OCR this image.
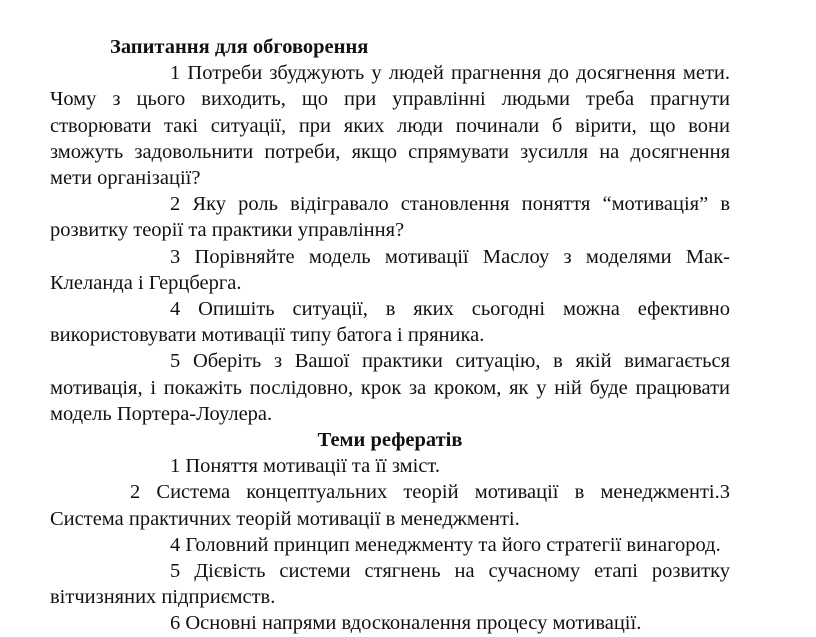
Запитання для обговорення

1 Потреби збуджують у людей прагнення до досягнення мети. Чому з цього виходить, що при управлінні людьми треба прагнути створювати такі ситуації, при яких люди починали б вірити, що вони зможуть задовольнити потреби, якщо спрямувати зусилля на досягнення мети організації?

2 Яку роль відігравало становлення поняття “мотивація” в розвитку теорії та практики управління?

3 Порівняйте модель мотивації Маслоу з моделями Мак-Клеланда і Герцберга.

4 Опишіть ситуації, в яких сьогодні можна ефективно використовувати мотивації типу батога і пряника.

5 Оберіть з Вашої практики ситуацію, в якій вимагається мотивація, і покажіть послідовно, крок за кроком, як у ній буде працювати модель Портера-Лоулера.

Теми рефератів

1 Поняття мотивації та її зміст.

2 Система концептуальних теорій мотивації в менеджменті.3 Система практичних теорій мотивації в менеджменті.

4 Головний принцип менеджменту та його стратегії винагород.

5 Дієвість системи стягнень на сучасному етапі розвитку вітчизняних підприємств.

6 Основні напрями вдосконалення процесу мотивації.
